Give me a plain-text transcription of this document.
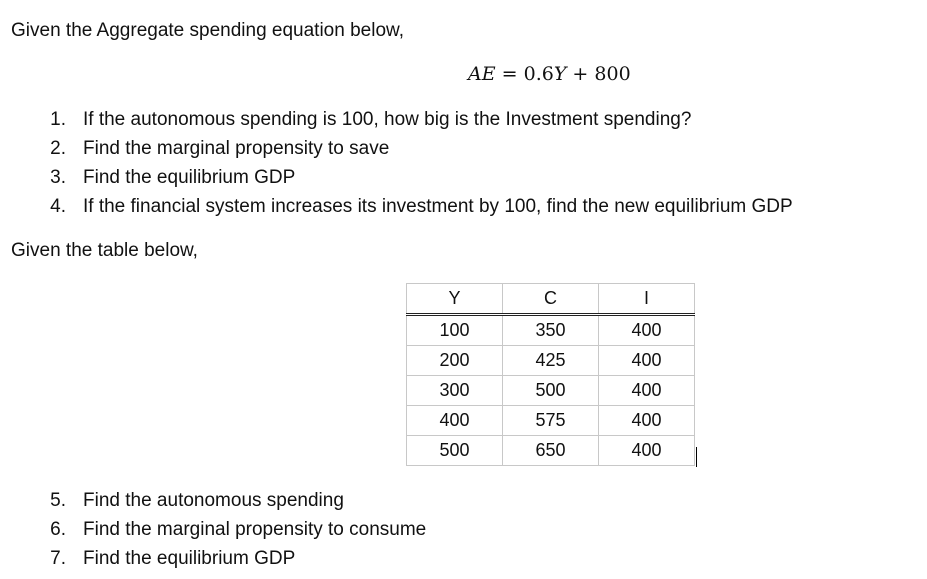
Given the Aggregate spending equation below,
AE = 0.6Y + 800
1. If the autonomous spending is 100, how big is the Investment spending?
2. Find the marginal propensity to save
3. Find the equilibrium GDP
4. If the financial system increases its investment by 100, find the new equilibrium GDP
Given the table below,
Y	C	I
100	350	400
200	425	400
300	500	400
400	575	400
500	650	400
5. Find the autonomous spending
6. Find the marginal propensity to consume
7. Find the equilibrium GDP
